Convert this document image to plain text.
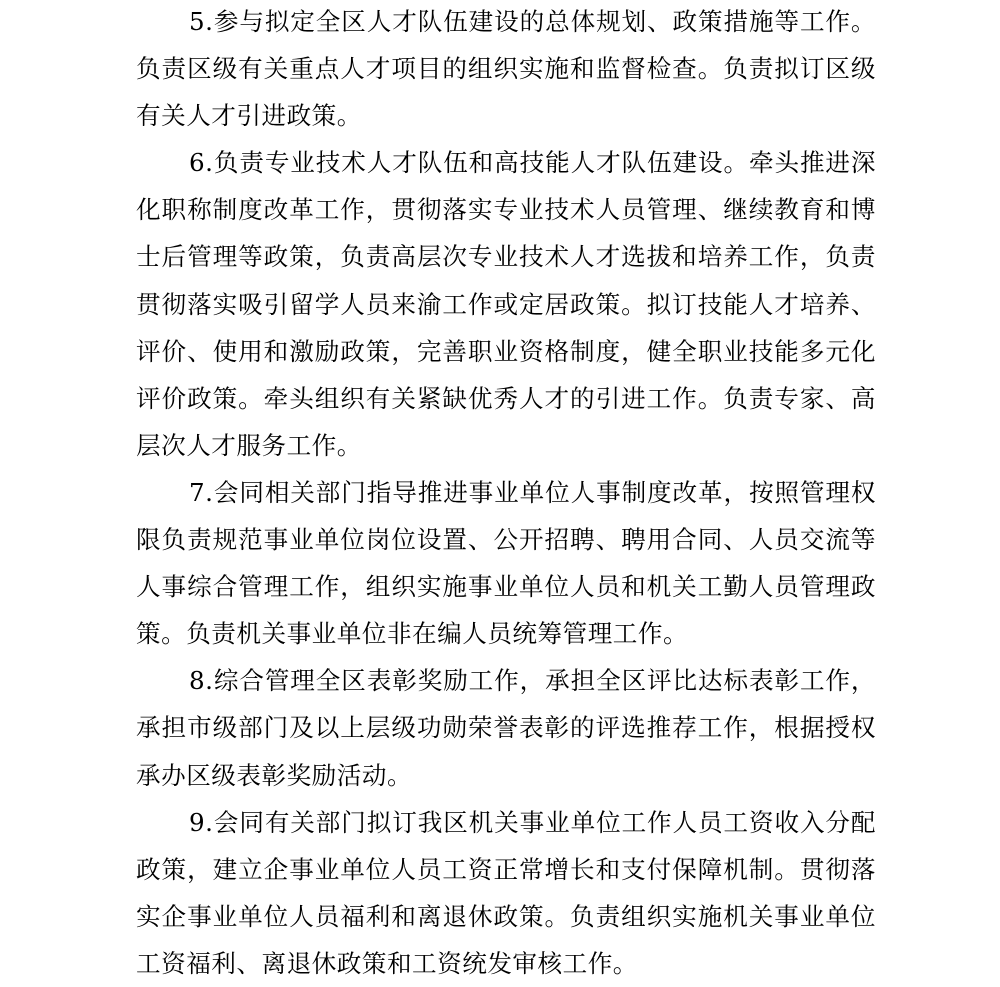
5.参与拟定全区人才队伍建设的总体规划、政策措施等工作。负责区级有关重点人才项目的组织实施和监督检查。负责拟订区级有关人才引进政策。

6.负责专业技术人才队伍和高技能人才队伍建设。牵头推进深化职称制度改革工作，贯彻落实专业技术人员管理、继续教育和博士后管理等政策，负责高层次专业技术人才选拔和培养工作，负责贯彻落实吸引留学人员来渝工作或定居政策。拟订技能人才培养、评价、使用和激励政策，完善职业资格制度，健全职业技能多元化评价政策。牵头组织有关紧缺优秀人才的引进工作。负责专家、高层次人才服务工作。

7.会同相关部门指导推进事业单位人事制度改革，按照管理权限负责规范事业单位岗位设置、公开招聘、聘用合同、人员交流等人事综合管理工作，组织实施事业单位人员和机关工勤人员管理政策。负责机关事业单位非在编人员统筹管理工作。

8.综合管理全区表彰奖励工作，承担全区评比达标表彰工作，承担市级部门及以上层级功勋荣誉表彰的评选推荐工作，根据授权承办区级表彰奖励活动。

9.会同有关部门拟订我区机关事业单位工作人员工资收入分配政策，建立企事业单位人员工资正常增长和支付保障机制。贯彻落实企事业单位人员福利和离退休政策。负责组织实施机关事业单位工资福利、离退休政策和工资统发审核工作。
